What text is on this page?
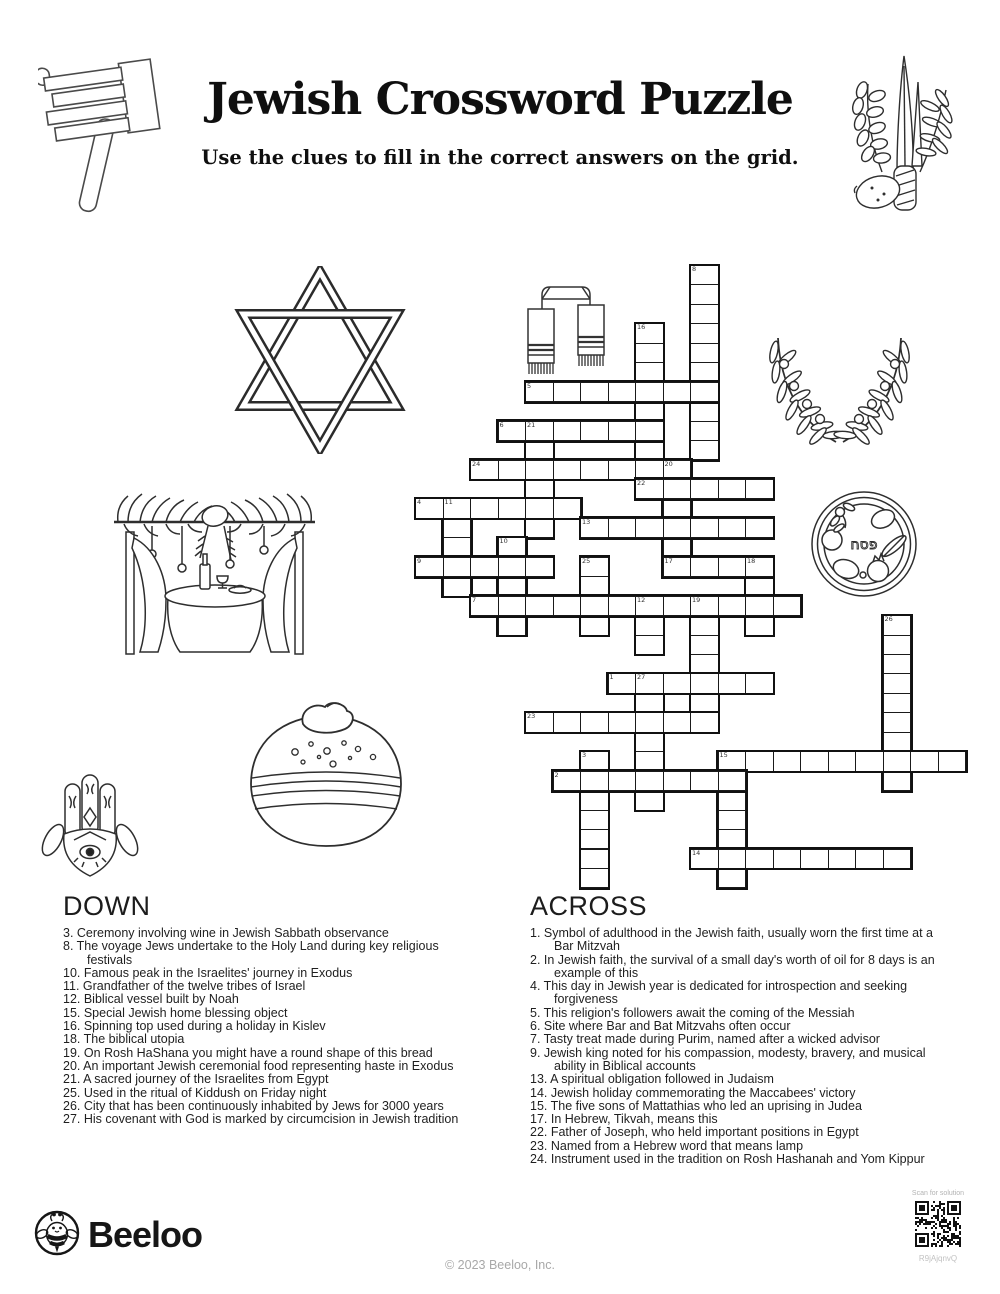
Jewish Crossword Puzzle
Use the clues to fill in the correct answers on the grid.
פסח
8
16
21
20
11
10
25	18
12	19
26
27
3	15
5
6
24
22
4
13
9	17
7
1
23
2
14
DOWN
3. Ceremony involving wine in Jewish Sabbath observance
8. The voyage Jews undertake to the Holy Land during key religious festivals
10. Famous peak in the Israelites' journey in Exodus
11. Grandfather of the twelve tribes of Israel
12. Biblical vessel built by Noah
15. Special Jewish home blessing object
16. Spinning top used during a holiday in Kislev
18. The biblical utopia
19. On Rosh HaShana you might have a round shape of this bread
20. An important Jewish ceremonial food representing haste in Exodus
21. A sacred journey of the Israelites from Egypt
25. Used in the ritual of Kiddush on Friday night
26. City that has been continuously inhabited by Jews for 3000 years
27. His covenant with God is marked by circumcision in Jewish tradition
ACROSS
1. Symbol of adulthood in the Jewish faith, usually worn the first time at a Bar Mitzvah
2. In Jewish faith, the survival of a small day's worth of oil for 8 days is an example of this
4. This day in Jewish year is dedicated for introspection and seeking forgiveness
5. This religion's followers await the coming of the Messiah
6. Site where Bar and Bat Mitzvahs often occur
7. Tasty treat made during Purim, named after a wicked advisor
9. Jewish king noted for his compassion, modesty, bravery, and musical ability in Biblical accounts
13. A spiritual obligation followed in Judaism
14. Jewish holiday commemorating the Maccabees' victory
15. The five sons of Mattathias who led an uprising in Judea
17. In Hebrew, Tikvah, means this
22. Father of Joseph, who held important positions in Egypt
23. Named from a Hebrew word that means lamp
24. Instrument used in the tradition on Rosh Hashanah and Yom Kippur
Beeloo
© 2023 Beeloo, Inc.
Scan for solution
R9jAjqnvQ
